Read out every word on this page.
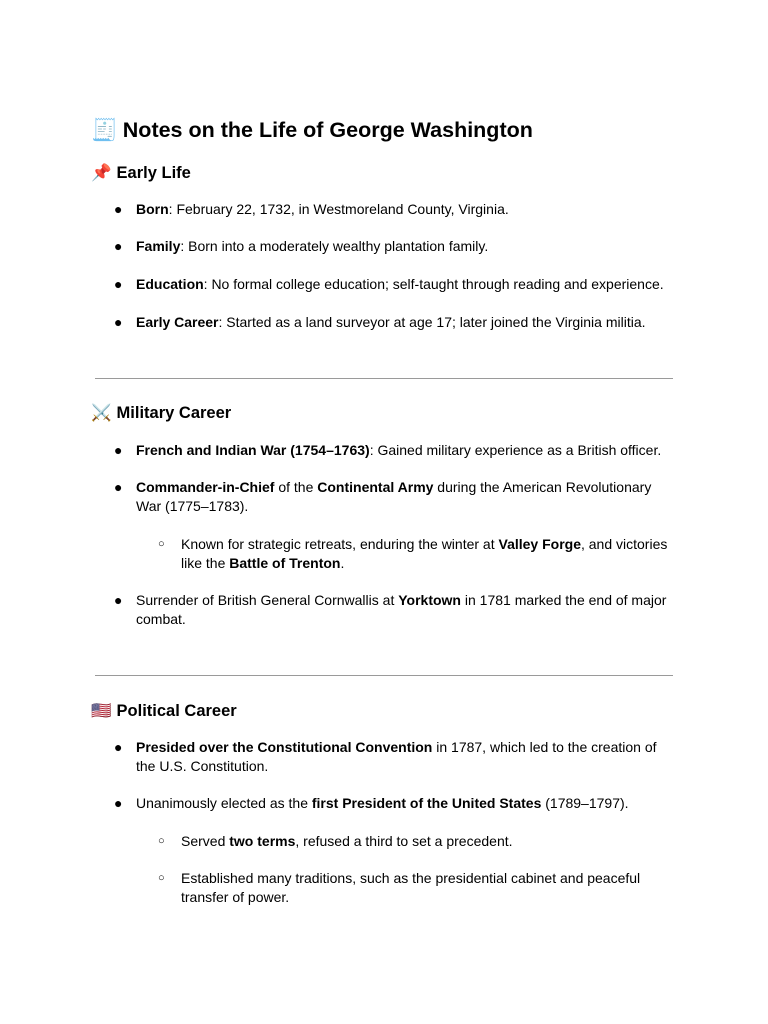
🧾 Notes on the Life of George Washington
📌 Early Life
● Born: February 22, 1732, in Westmoreland County, Virginia.
● Family: Born into a moderately wealthy plantation family.
● Education: No formal college education; self-taught through reading and experience.
● Early Career: Started as a land surveyor at age 17; later joined the Virginia militia.
⚔️ Military Career
● French and Indian War (1754–1763): Gained military experience as a British officer.
● Commander-in-Chief of the Continental Army during the American Revolutionary War (1775–1783).
○	Known for strategic retreats, enduring the winter at Valley Forge, and victories like the Battle of Trenton.
● Surrender of British General Cornwallis at Yorktown in 1781 marked the end of major combat.
🇺🇸 Political Career
● Presided over the Constitutional Convention in 1787, which led to the creation of the U.S. Constitution.
● Unanimously elected as the first President of the United States (1789–1797).
○	Served two terms, refused a third to set a precedent.
○	Established many traditions, such as the presidential cabinet and peaceful transfer of power.
